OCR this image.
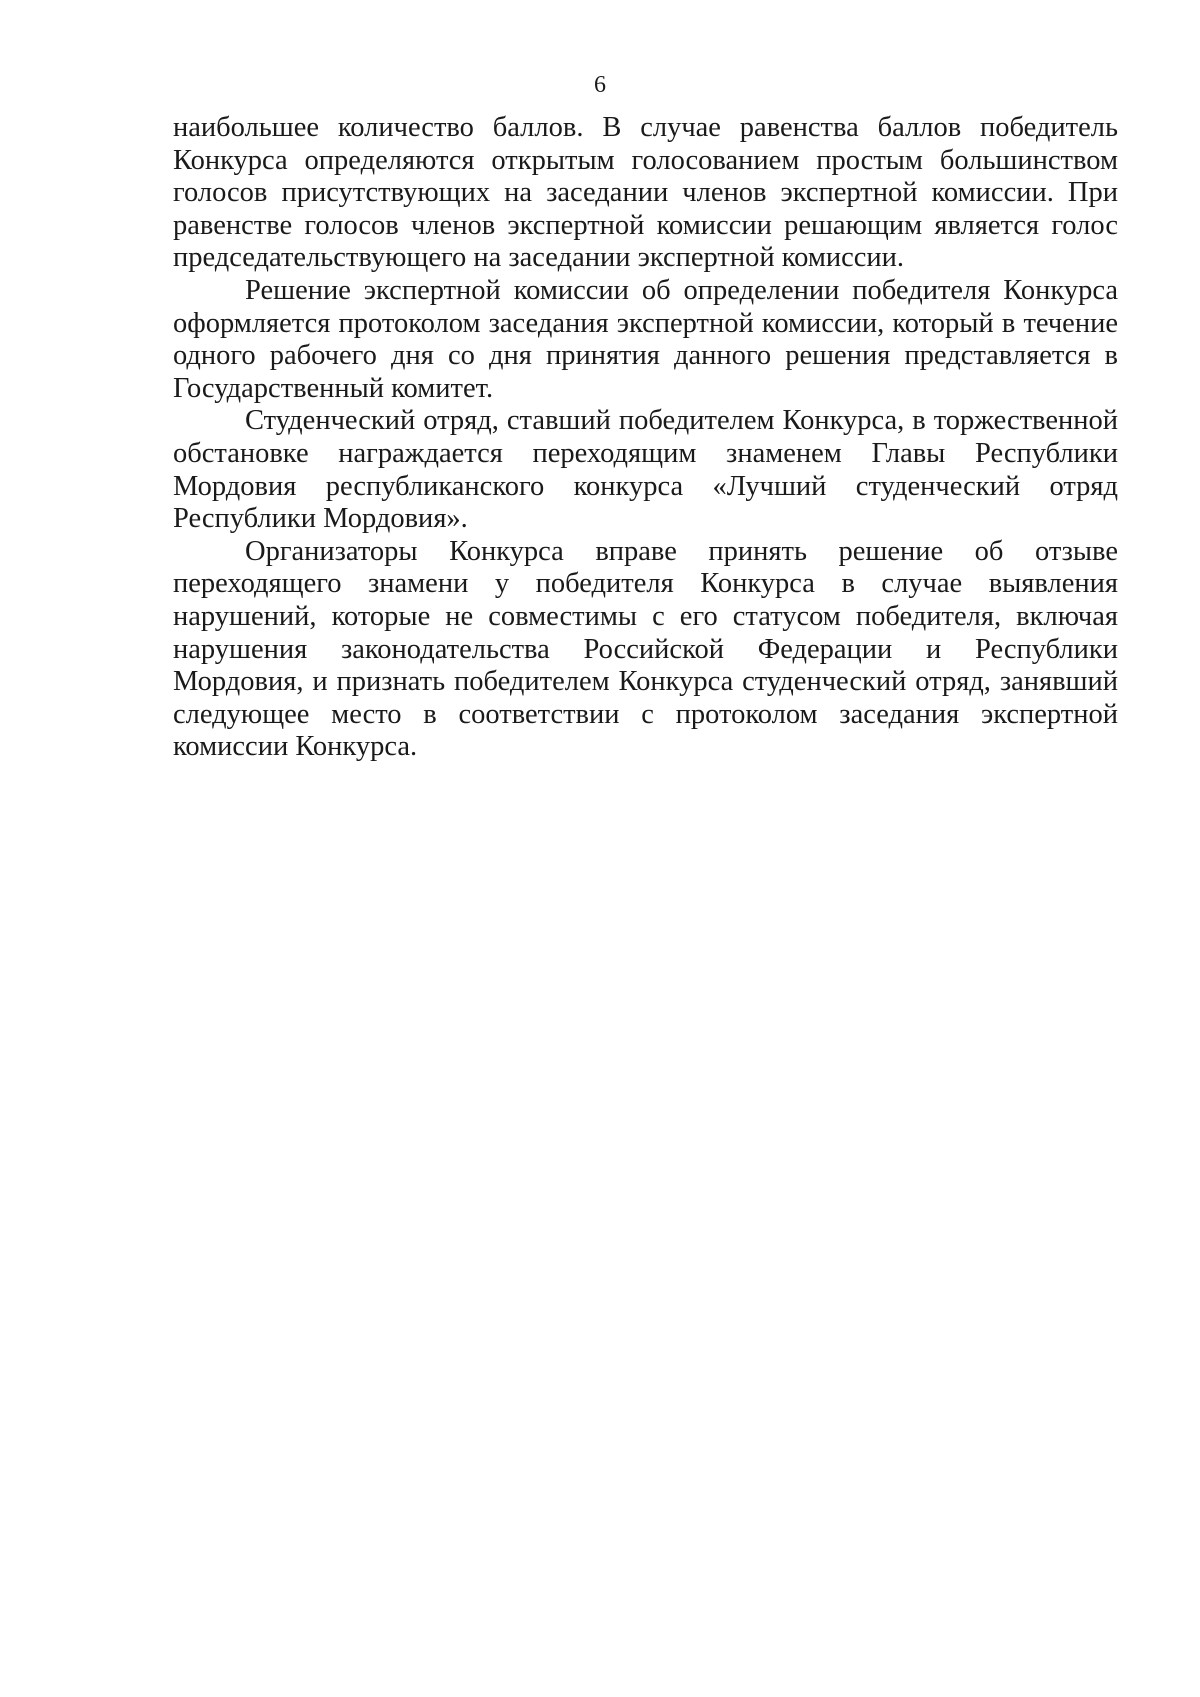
6

наибольшее количество баллов. В случае равенства баллов победитель Конкурса определяются открытым голосованием простым большинством голосов присутствующих на заседании членов экспертной комиссии. При равенстве голосов членов экспертной комиссии решающим является голос председательствующего на заседании экспертной комиссии.

Решение экспертной комиссии об определении победителя Конкурса оформляется протоколом заседания экспертной комиссии, который в течение одного рабочего дня со дня принятия данного решения представляется в Государственный комитет.

Студенческий отряд, ставший победителем Конкурса, в торжественной обстановке награждается переходящим знаменем Главы Республики Мордовия республиканского конкурса «Лучший студенческий отряд Республики Мордовия».

Организаторы Конкурса вправе принять решение об отзыве переходящего знамени у победителя Конкурса в случае выявления нарушений, которые не совместимы с его статусом победителя, включая нарушения законодательства Российской Федерации и Республики Мордовия, и признать победителем Конкурса студенческий отряд, занявший следующее место в соответствии с протоколом заседания экспертной комиссии Конкурса.
